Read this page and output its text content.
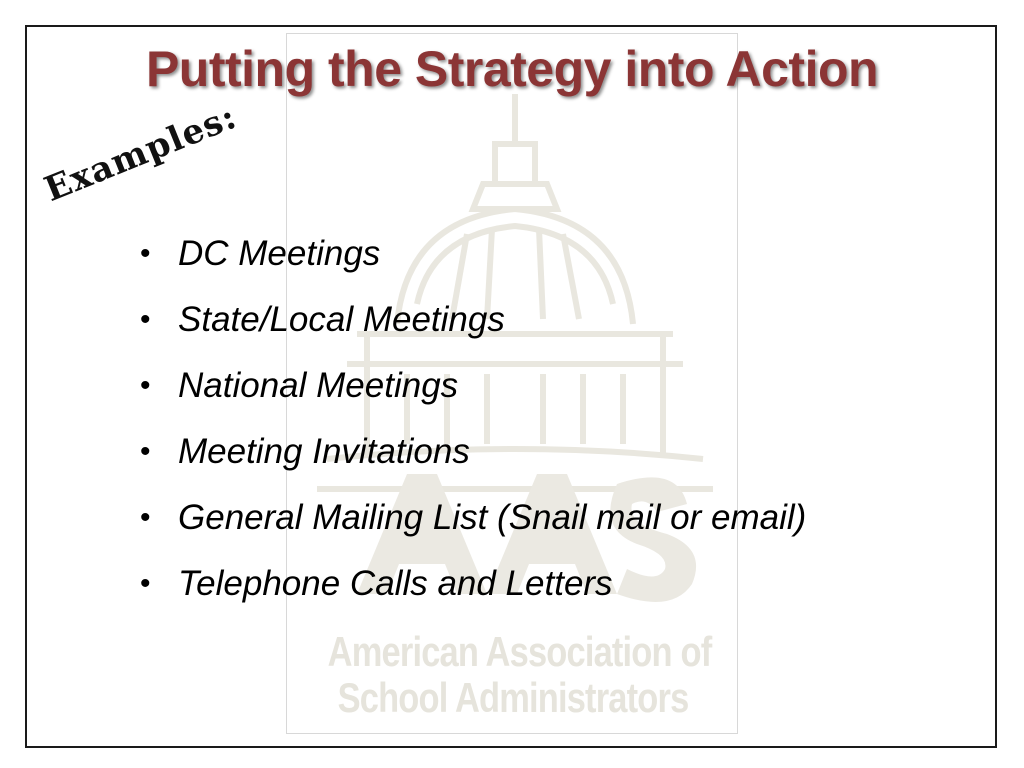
American Association of
School Administrators
Putting the Strategy into Action
Examples:
• DC Meetings
• State/Local Meetings
• National Meetings
• Meeting Invitations
• General Mailing List (Snail mail or email)
• Telephone Calls and Letters
